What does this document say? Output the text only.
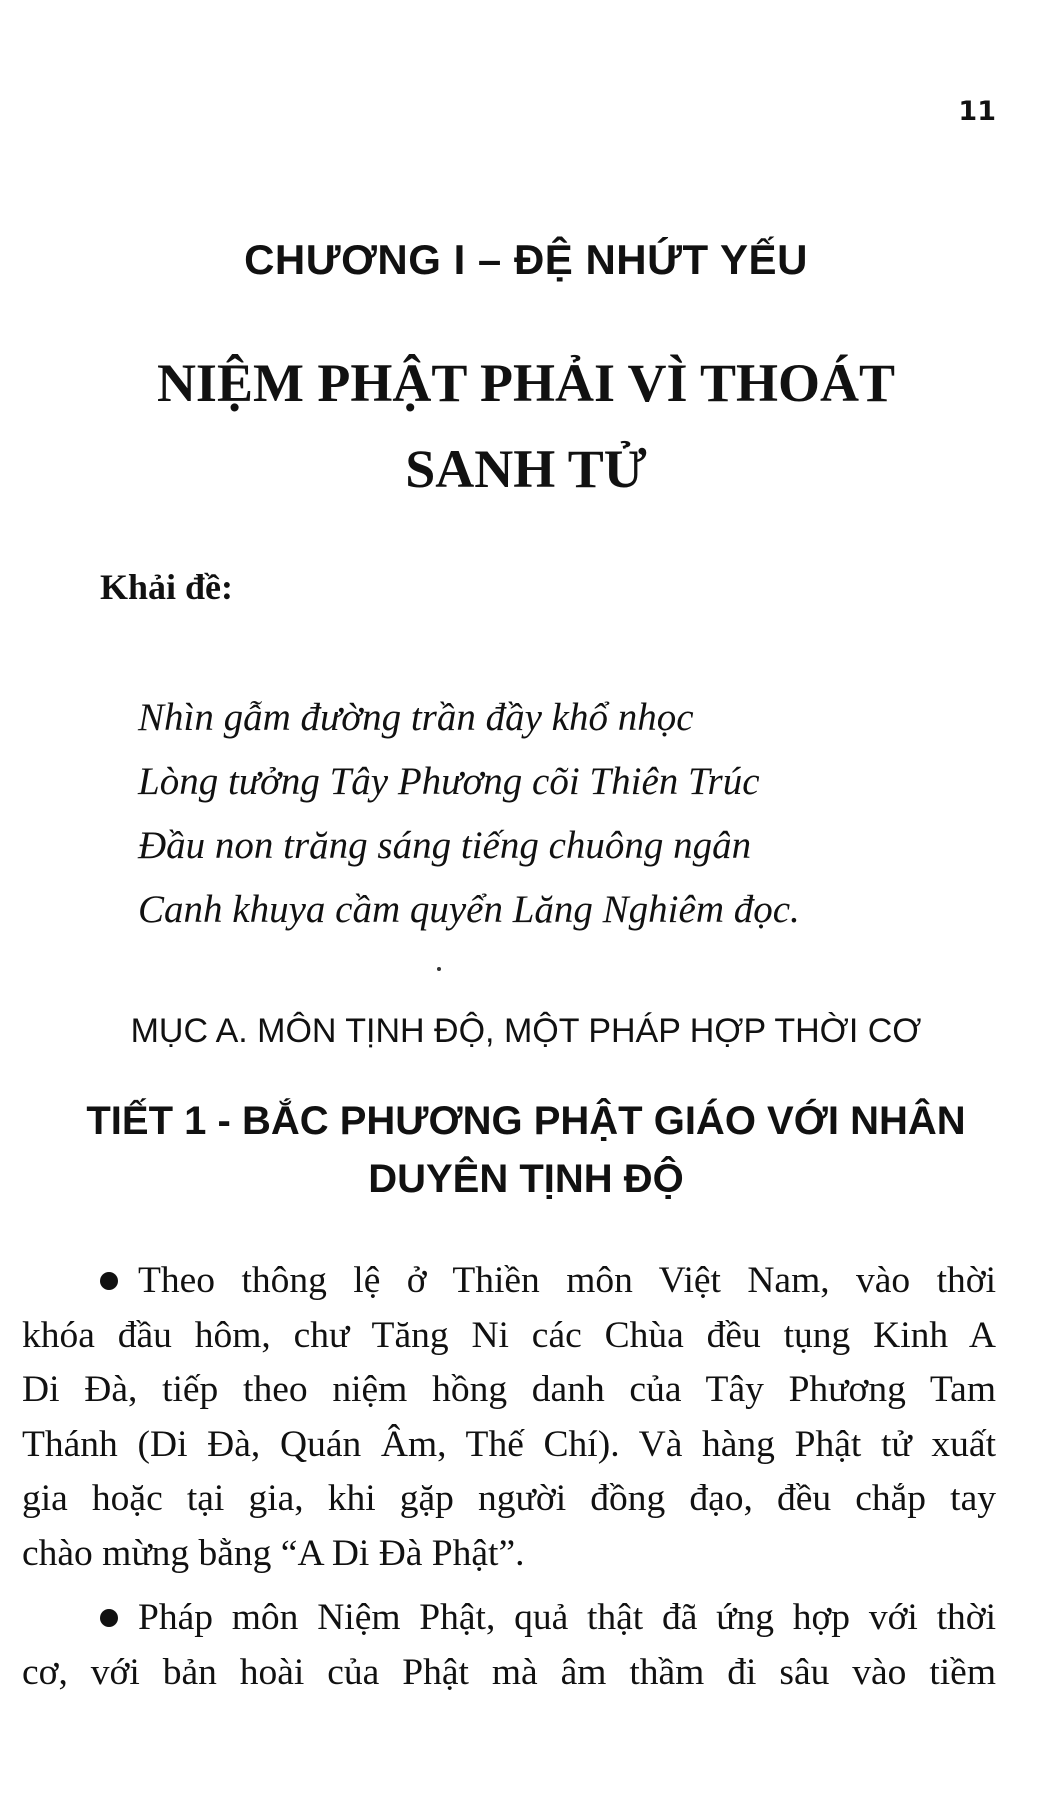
11
CHƯƠNG I – ĐỆ NHỨT YẾU
NIỆM PHẬT PHẢI VÌ THOÁT
SANH TỬ
Khải đề:
Nhìn gẫm đường trần đầy khổ nhọc
Lòng tưởng Tây Phương cõi Thiên Trúc
Đầu non trăng sáng tiếng chuông ngân
Canh khuya cầm quyển Lăng Nghiêm đọc.
MỤC A. MÔN TỊNH ĐỘ, MỘT PHÁP HỢP THỜI CƠ
TIẾT 1 - BẮC PHƯƠNG PHẬT GIÁO VỚI NHÂN
DUYÊN TỊNH ĐỘ
Theo thông lệ ở Thiền môn Việt Nam, vào thời
khóa đầu hôm, chư Tăng Ni các Chùa đều tụng Kinh A
Di Đà, tiếp theo niệm hồng danh của Tây Phương Tam
Thánh (Di Đà, Quán Âm, Thế Chí). Và hàng Phật tử xuất
gia hoặc tại gia, khi gặp người đồng đạo, đều chắp tay
chào mừng bằng “A Di Đà Phật”.
Pháp môn Niệm Phật, quả thật đã ứng hợp với thời
cơ, với bản hoài của Phật mà âm thầm đi sâu vào tiềm
